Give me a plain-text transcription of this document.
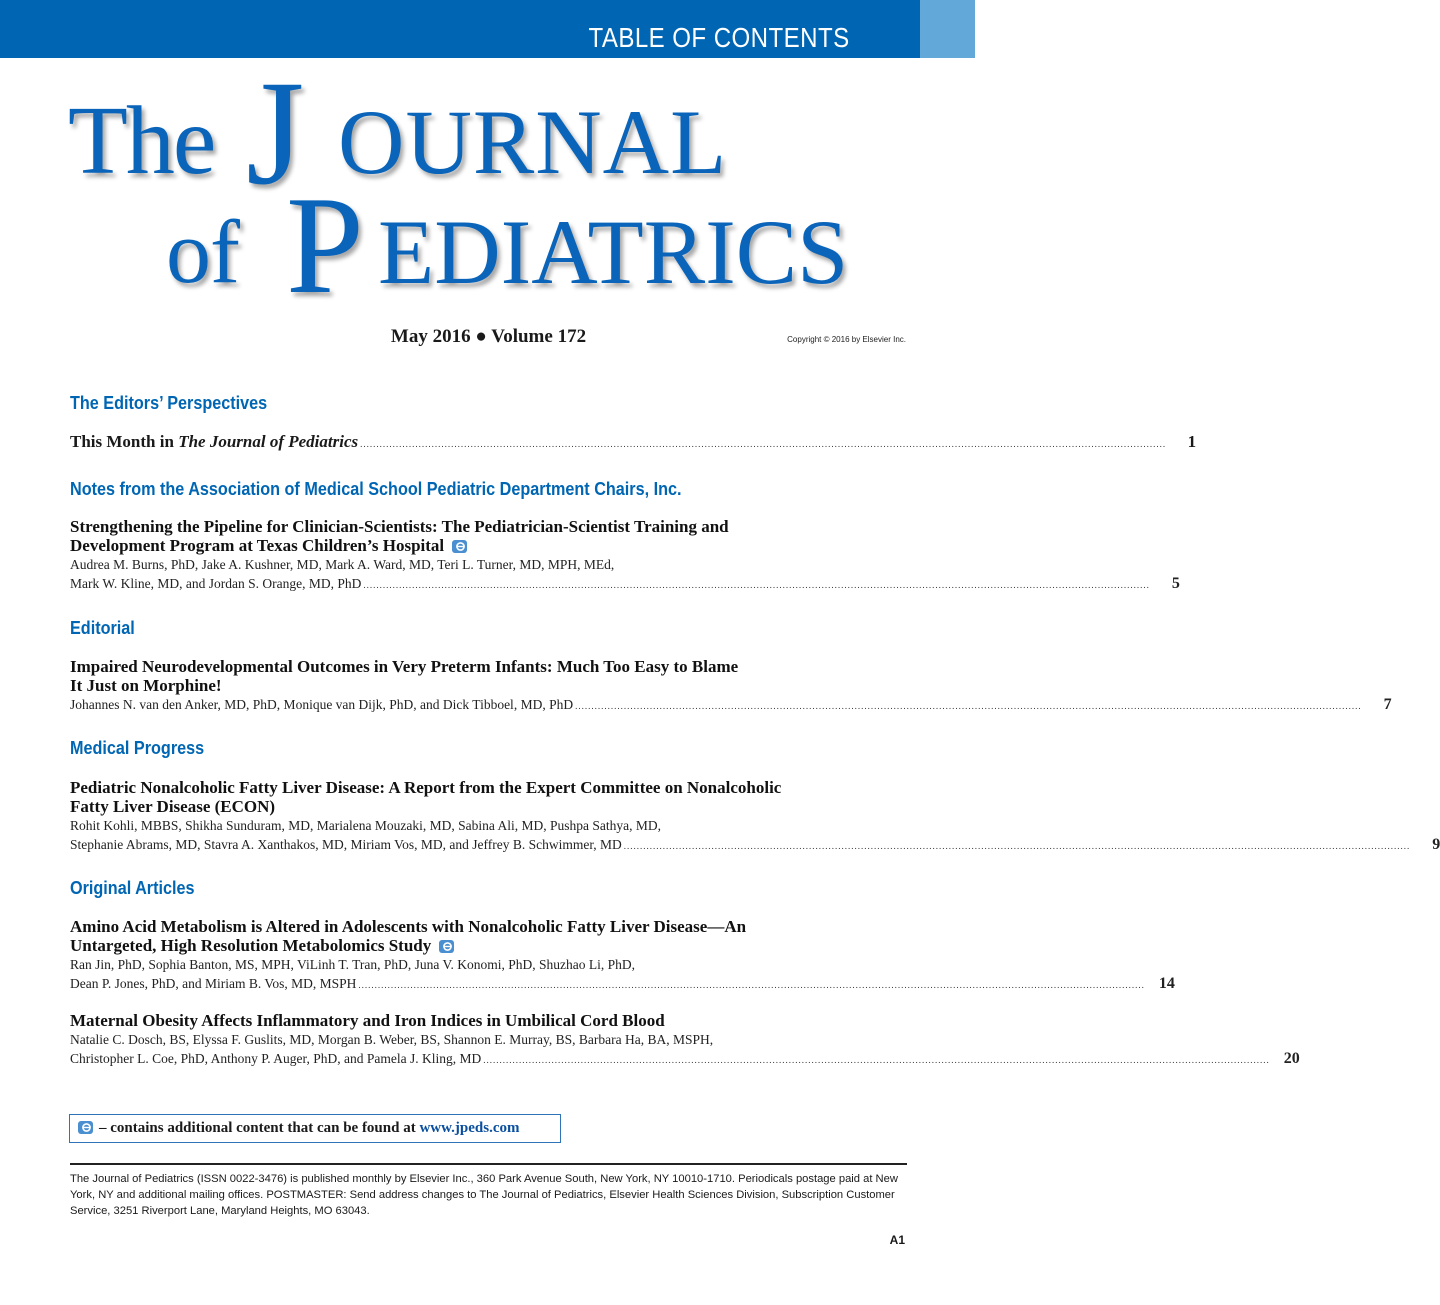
TABLE OF CONTENTS
The J OURNAL
of P EDIATRICS
May 2016 ● Volume 172	Copyright © 2016 by Elsevier Inc.
The Editors’ Perspectives
This Month in The Journal of Pediatrics ........................................................................................................................................................................................................................................................	1
Notes from the Association of Medical School Pediatric Department Chairs, Inc.
Strengthening the Pipeline for Clinician-Scientists: The Pediatrician-Scientist Training and
Development Program at Texas Children’s Hospital
Audrea M. Burns, PhD, Jake A. Kushner, MD, Mark A. Ward, MD, Teri L. Turner, MD, MPH, MEd,
Mark W. Kline, MD, and Jordan S. Orange, MD, PhD ..................................................................................................................................................................................................................................................	5
Editorial
Impaired Neurodevelopmental Outcomes in Very Preterm Infants: Much Too Easy to Blame
It Just on Morphine!
Johannes N. van den Anker, MD, PhD, Monique van Dijk, PhD, and Dick Tibboel, MD, PhD ..................................................................................................................................................................................................................................................	7
Medical Progress
Pediatric Nonalcoholic Fatty Liver Disease: A Report from the Expert Committee on Nonalcoholic
Fatty Liver Disease (ECON)
Rohit Kohli, MBBS, Shikha Sunduram, MD, Marialena Mouzaki, MD, Sabina Ali, MD, Pushpa Sathya, MD,
Stephanie Abrams, MD, Stavra A. Xanthakos, MD, Miriam Vos, MD, and Jeffrey B. Schwimmer, MD ..................................................................................................................................................................................................................................................	9
Original Articles
Amino Acid Metabolism is Altered in Adolescents with Nonalcoholic Fatty Liver Disease—An
Untargeted, High Resolution Metabolomics Study
Ran Jin, PhD, Sophia Banton, MS, MPH, ViLinh T. Tran, PhD, Juna V. Konomi, PhD, Shuzhao Li, PhD,
Dean P. Jones, PhD, and Miriam B. Vos, MD, MSPH .................................................................................................................................................................................................................................................. 14
Maternal Obesity Affects Inflammatory and Iron Indices in Umbilical Cord Blood
Natalie C. Dosch, BS, Elyssa F. Guslits, MD, Morgan B. Weber, BS, Shannon E. Murray, BS, Barbara Ha, BA, MSPH,
Christopher L. Coe, PhD, Anthony P. Auger, PhD, and Pamela J. Kling, MD .................................................................................................................................................................................................................................................. 20
– contains additional content that can be found at www.jpeds.com
The Journal of Pediatrics (ISSN 0022-3476) is published monthly by Elsevier Inc., 360 Park Avenue South, New York, NY 10010-1710. Periodicals postage paid at New York, NY and additional mailing offices. POSTMASTER: Send address changes to The Journal of Pediatrics, Elsevier Health Sciences Division, Subscription Customer Service, 3251 Riverport Lane, Maryland Heights, MO 63043.
A1
